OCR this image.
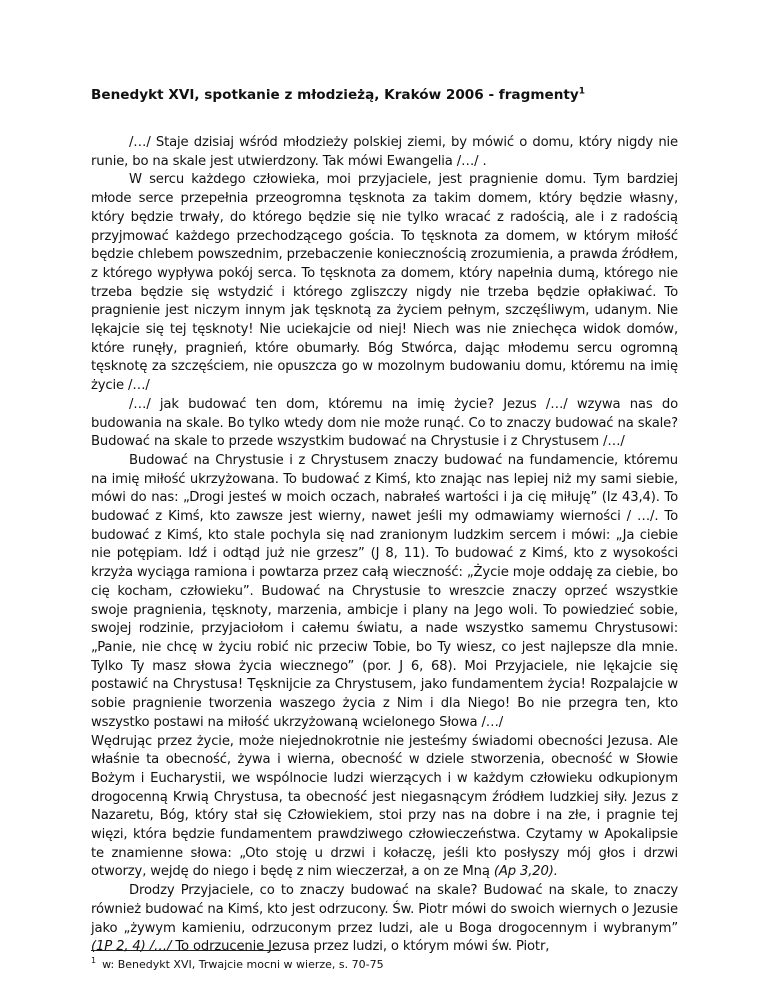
Benedykt XVI, spotkanie z młodzieżą, Kraków 2006 - fragmenty$^1$

/…/ Staje dzisiaj wśród młodzieży polskiej ziemi, by mówić o domu, który nigdy nie runie, bo na skale jest utwierdzony. Tak mówi Ewangelia /…/ .

W sercu każdego człowieka, moi przyjaciele, jest pragnienie domu. Tym bardziej młode serce przepełnia przeogromna tęsknota za takim domem, który będzie własny, który będzie trwały, do którego będzie się nie tylko wracać z radością, ale i z radością przyjmować każdego przechodzącego gościa. To tęsknota za domem, w którym miłość będzie chlebem powszednim, przebaczenie koniecznością zrozumienia, a prawda źródłem, z którego wypływa pokój serca. To tęsknota za domem, który napełnia dumą, którego nie trzeba będzie się wstydzić i którego zgliszczy nigdy nie trzeba będzie opłakiwać. To pragnienie jest niczym innym jak tęsknotą za życiem pełnym, szczęśliwym, udanym. Nie lękajcie się tej tęsknoty! Nie uciekajcie od niej! Niech was nie zniechęca widok domów, które runęły, pragnień, które obumarły. Bóg Stwórca, dając młodemu sercu ogromną tęsknotę za szczęściem, nie opuszcza go w mozolnym budowaniu domu, któremu na imię życie /…/

/…/ jak budować ten dom, któremu na imię życie? Jezus /…/ wzywa nas do budowania na skale. Bo tylko wtedy dom nie może runąć. Co to znaczy budować na skale? Budować na skale to przede wszystkim budować na Chrystusie i z Chrystusem /…/

Budować na Chrystusie i z Chrystusem znaczy budować na fundamencie, któremu na imię miłość ukrzyżowana. To budować z Kimś, kto znając nas lepiej niż my sami siebie, mówi do nas: „Drogi jesteś w moich oczach, nabrałeś wartości i ja cię miłuję” (Iz 43,4). To budować z Kimś, kto zawsze jest wierny, nawet jeśli my odmawiamy wierności / …/. To budować z Kimś, kto stale pochyla się nad zranionym ludzkim sercem i mówi: „Ja ciebie nie potępiam. Idź i odtąd już nie grzesz” (J 8, 11). To budować z Kimś, kto z wysokości krzyża wyciąga ramiona i powtarza przez całą wieczność: „Życie moje oddaję za ciebie, bo cię kocham, człowieku”. Budować na Chrystusie to wreszcie znaczy oprzeć wszystkie swoje pragnienia, tęsknoty, marzenia, ambicje i plany na Jego woli. To powiedzieć sobie, swojej rodzinie, przyjaciołom i całemu światu, a nade wszystko samemu Chrystusowi: „Panie, nie chcę w życiu robić nic przeciw Tobie, bo Ty wiesz, co jest najlepsze dla mnie. Tylko Ty masz słowa życia wiecznego” (por. J 6, 68). Moi Przyjaciele, nie lękajcie się postawić na Chrystusa! Tęsknijcie za Chrystusem, jako fundamentem życia! Rozpalajcie w sobie pragnienie tworzenia waszego życia z Nim i dla Niego! Bo nie przegra ten, kto wszystko postawi na miłość ukrzyżowaną wcielonego Słowa /…/

Wędrując przez życie, może niejednokrotnie nie jesteśmy świadomi obecności Jezusa. Ale właśnie ta obecność, żywa i wierna, obecność w dziele stworzenia, obecność w Słowie Bożym i Eucharystii, we wspólnocie ludzi wierzących i w każdym człowieku odkupionym drogocenną Krwią Chrystusa, ta obecność jest niegasnącym źródłem ludzkiej siły. Jezus z Nazaretu, Bóg, który stał się Człowiekiem, stoi przy nas na dobre i na złe, i pragnie tej więzi, która będzie fundamentem prawdziwego człowieczeństwa. Czytamy w Apokalipsie te znamienne słowa: „Oto stoję u drzwi i kołaczę, jeśli kto posłyszy mój głos i drzwi otworzy, wejdę do niego i będę z nim wieczerzał, a on ze Mną (Ap 3,20).

Drodzy Przyjaciele, co to znaczy budować na skale? Budować na skale, to znaczy również budować na Kimś, kto jest odrzucony. Św. Piotr mówi do swoich wiernych o Jezusie jako „żywym kamieniu, odrzuconym przez ludzi, ale u Boga drogocennym i wybranym” (1P 2, 4) /…/ To odrzucenie Jezusa przez ludzi, o którym mówi św. Piotr,

$^1$ w: Benedykt XVI, Trwajcie mocni w wierze, s. 70-75
